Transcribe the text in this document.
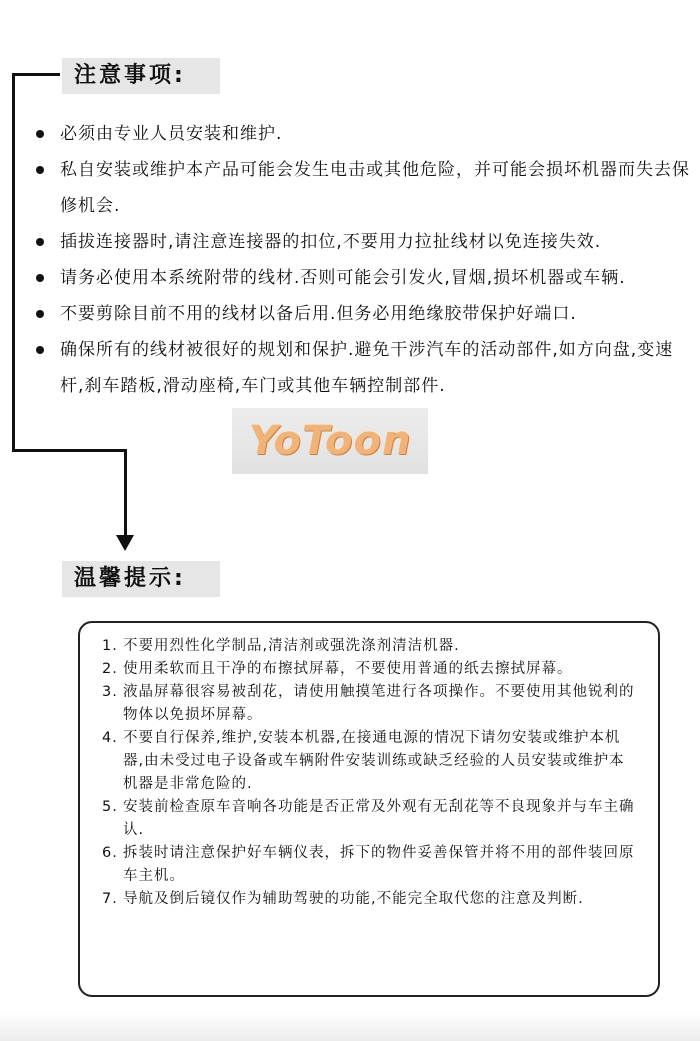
注意事项:
必须由专业人员安装和维护.
私自安装或维护本产品可能会发生电击或其他危险，并可能会损坏机器而失去保修机会.
插拔连接器时,请注意连接器的扣位,不要用力拉扯线材以免连接失效.
请务必使用本系统附带的线材.否则可能会引发火,冒烟,损坏机器或车辆.
不要剪除目前不用的线材以备后用.但务必用绝缘胶带保护好端口.
确保所有的线材被很好的规划和保护.避免干涉汽车的活动部件,如方向盘,变速杆,刹车踏板,滑动座椅,车门或其他车辆控制部件.
YoToon
温馨提示:
1. 不要用烈性化学制品,清洁剂或强洗涤剂清洁机器.
2. 使用柔软而且干净的布擦拭屏幕，不要使用普通的纸去擦拭屏幕。
3. 液晶屏幕很容易被刮花，请使用触摸笔进行各项操作。不要使用其他锐利的物体以免损坏屏幕。
4. 不要自行保养,维护,安装本机器,在接通电源的情况下请勿安装或维护本机器,由未受过电子设备或车辆附件安装训练或缺乏经验的人员安装或维护本机器是非常危险的.
5. 安装前检查原车音响各功能是否正常及外观有无刮花等不良现象并与车主确认.
6. 拆装时请注意保护好车辆仪表，拆下的物件妥善保管并将不用的部件装回原车主机。
7. 导航及倒后镜仅作为辅助驾驶的功能,不能完全取代您的注意及判断.
